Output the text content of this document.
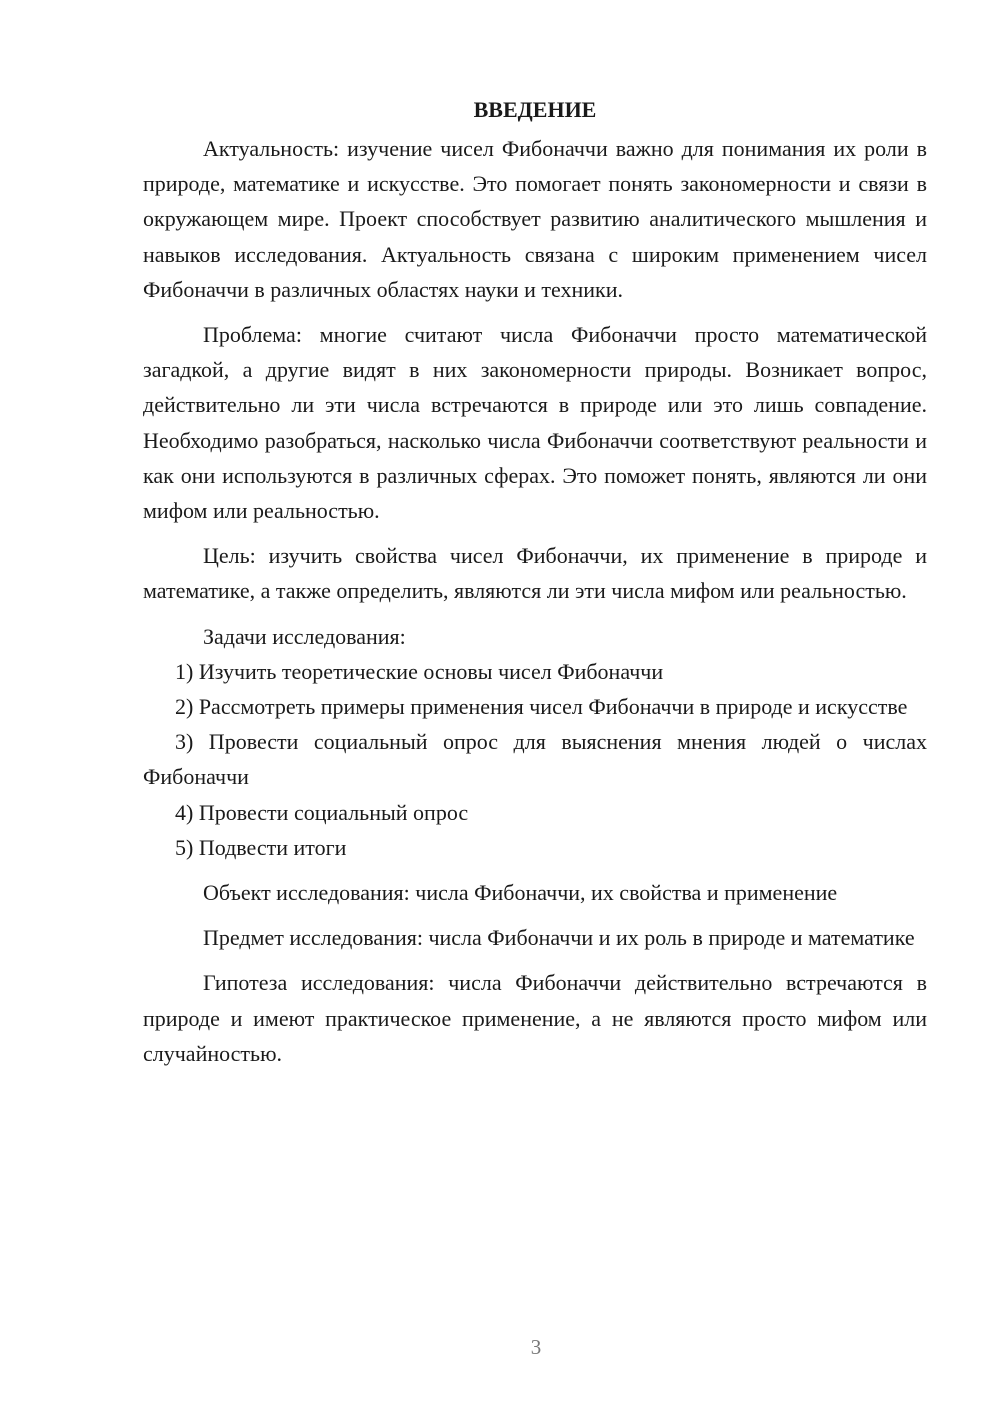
ВВЕДЕНИЕ

Актуальность: изучение чисел Фибоначчи важно для понимания их роли в природе, математике и искусстве. Это помогает понять закономерности и связи в окружающем мире. Проект способствует развитию аналитического мышления и навыков исследования. Актуальность связана с широким применением чисел Фибоначчи в различных областях науки и техники.

Проблема: многие считают числа Фибоначчи просто математической загадкой, а другие видят в них закономерности природы. Возникает вопрос, действительно ли эти числа встречаются в природе или это лишь совпадение. Необходимо разобраться, насколько числа Фибоначчи соответствуют реальности и как они используются в различных сферах. Это поможет понять, являются ли они мифом или реальностью.

Цель: изучить свойства чисел Фибоначчи, их применение в природе и математике, а также определить, являются ли эти числа мифом или реальностью.

Задачи исследования:

1) Изучить теоретические основы чисел Фибоначчи

2) Рассмотреть примеры применения чисел Фибоначчи в природе и искусстве

3) Провести социальный опрос для выяснения мнения людей о числах Фибоначчи

4) Провести социальный опрос

5) Подвести итоги

Объект исследования: числа Фибоначчи, их свойства и применение

Предмет исследования: числа Фибоначчи и их роль в природе и математике

Гипотеза исследования: числа Фибоначчи действительно встречаются в природе и имеют практическое применение, а не являются просто мифом или случайностью.

3
